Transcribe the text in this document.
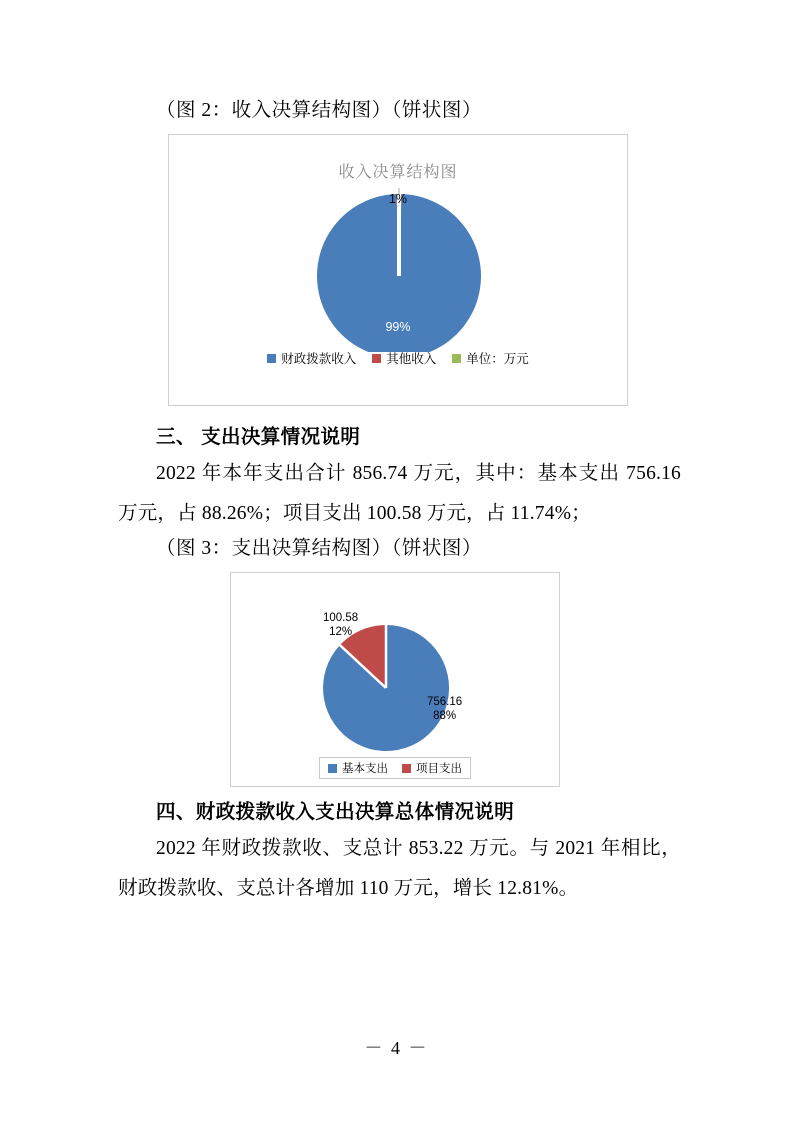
（图 2：收入决算结构图）（饼状图）

收入决算结构图
1%
99%
财政拨款收入 其他收入 单位：万元
三、 支出决算情况说明

2022 年本年支出合计 856.74 万元，其中：基本支出 756.16 万元，占 88.26%；项目支出 100.58 万元，占 11.74%；

（图 3：支出决算结构图）（饼状图）

100.58
12%
756.16
88%
基本支出 项目支出
四、财政拨款收入支出决算总体情况说明

2022 年财政拨款收、支总计 853.22 万元。与 2021 年相比，财政拨款收、支总计各增加 110 万元，增长 12.81%。

－ 4 －
